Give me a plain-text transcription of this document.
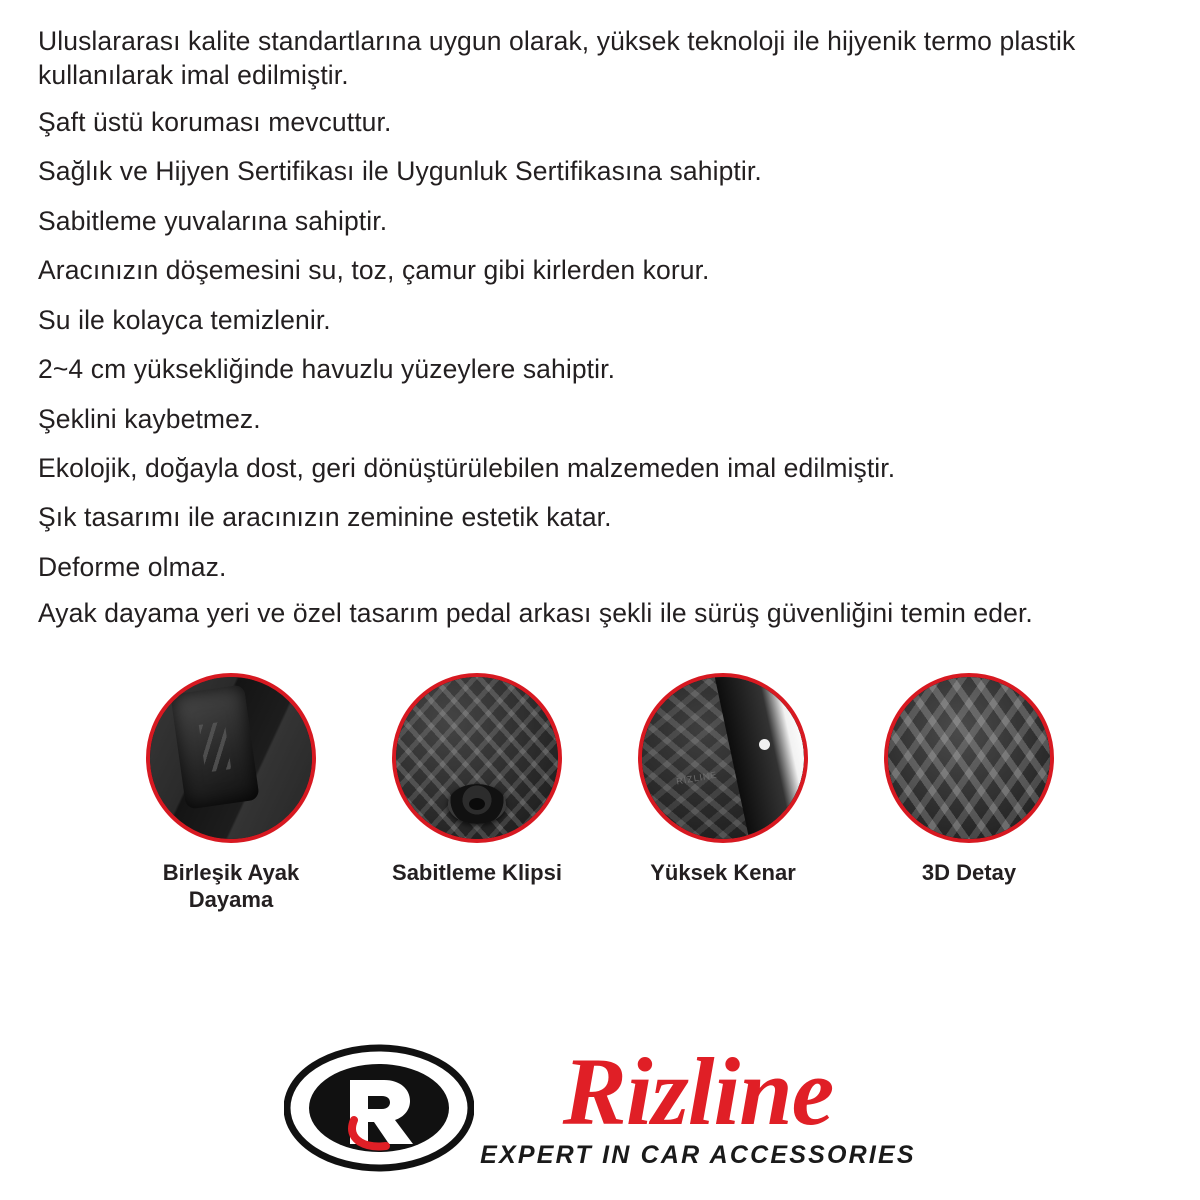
Uluslararası kalite standartlarına uygun olarak, yüksek teknoloji ile hijyenik termo plastik kullanılarak imal edilmiştir.

Şaft üstü koruması mevcuttur.

Sağlık ve Hijyen Sertifikası ile Uygunluk Sertifikasına sahiptir.

Sabitleme yuvalarına sahiptir.

Aracınızın döşemesini su, toz, çamur gibi kirlerden korur.

Su ile kolayca temizlenir.

2~4 cm yüksekliğinde havuzlu yüzeylere sahiptir.

Şeklini kaybetmez.

Ekolojik, doğayla dost, geri dönüştürülebilen malzemeden imal edilmiştir.

Şık tasarımı ile aracınızın zeminine estetik katar.

Deforme olmaz.

Ayak dayama yeri ve özel tasarım pedal arkası şekli ile sürüş güvenliğini temin eder.

Birleşik Ayak Dayama
Sabitleme Klipsi
RIZLINE
Yüksek Kenar	3D Detay
Rizline
EXPERT IN CAR ACCESSORIES
